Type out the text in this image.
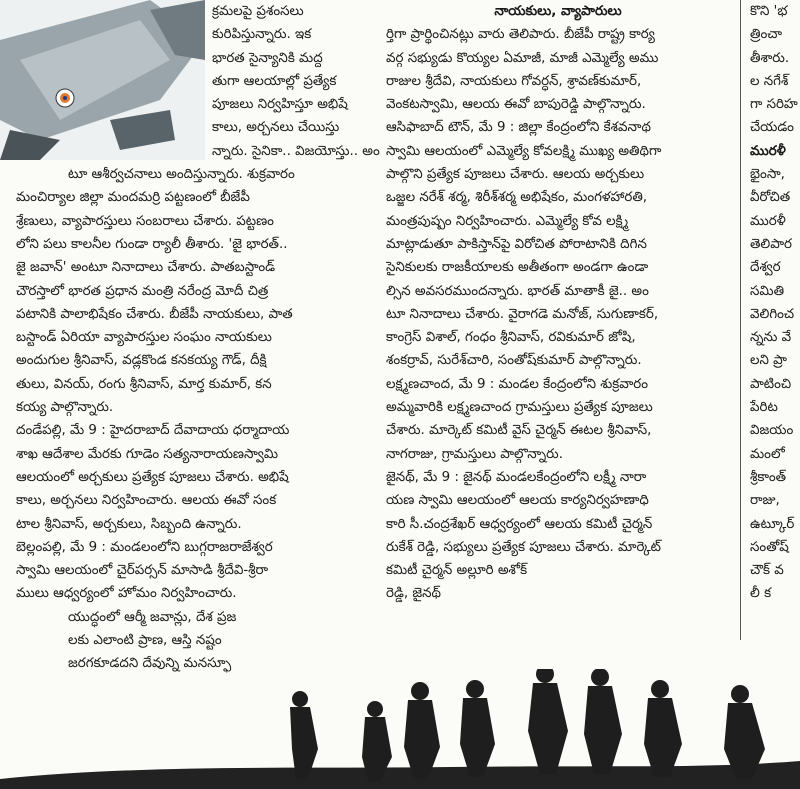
క్రమలపై ప్రశంసలు

కురిపిస్తున్నారు. ఇక

భారత సైన్యానికి మద్ద

తుగా ఆలయాల్లో ప్రత్యేక

పూజలు నిర్వహిస్తూ అభిషే

కాలు, అర్చనలు చేయిస్తు

న్నారు. సైనికా.. విజయోస్తు.. అం

టూ ఆశీర్వచనాలు అందిస్తున్నారు. శుక్రవారం

మంచిర్యాల జిల్లా మందమర్రి పట్టణంలో బీజేపీ

శ్రేణులు, వ్యాపారస్తులు సంబరాలు చేశారు. పట్టణం

లోని పలు కాలనీల గుండా ర్యాలీ తీశారు. 'జై భారత్..

జై జవాన్' అంటూ నినాదాలు చేశారు. పాతబస్టాండ్

చౌరస్తాలో భారత ప్రధాన మంత్రి నరేంద్ర మోదీ చిత్ర

పటానికి పాలాభిషేకం చేశారు. బీజేపీ నాయకులు, పాత

బస్టాండ్ ఏరియా వ్యాపారస్తుల సంఘం నాయకులు

అందుగుల శ్రీనివాస్, వడ్లకొండ కనకయ్య గౌడ్, దీక్షి

తులు, వినయ్, రంగు శ్రీనివాస్, మార్త కుమార్, కన

కయ్య పాల్గొన్నారు.

దండేపల్లి, మే 9 : హైదరాబాద్ దేవాదాయ ధర్మాదాయ

శాఖ ఆదేశాల మేరకు గూడెం సత్యనారాయణస్వామి

ఆలయంలో అర్చకులు ప్రత్యేక పూజలు చేశారు. అభిషే

కాలు, అర్చనలు నిర్వహించారు. ఆలయ ఈవో సంక

టాల శ్రీనివాస్, అర్చకులు, సిబ్బంది ఉన్నారు.

బెల్లంపల్లి, మే 9 : మండలంలోని బుగ్గరాజరాజేశ్వర

స్వామి ఆలయంలో చైర్‌పర్సన్ మాసాడి శ్రీదేవి-శ్రీరా

ములు ఆధ్వర్యంలో హోమం నిర్వహించారు.

యుద్ధంలో ఆర్మీ జవాన్లు, దేశ ప్రజ

లకు ఎలాంటి ప్రాణ, ఆస్తి నష్టం

జరగకూడదని దేవున్ని మనస్ఫూ

నాయకులు, వ్యాపారులు

ర్తిగా ప్రార్థించినట్లు వారు తెలిపారు. బీజేపీ రాష్ట్ర కార్య

వర్గ సభ్యుడు కొయ్యల ఏమాజీ, మాజీ ఎమ్మెల్యే అము

రాజుల శ్రీదేవి, నాయకులు గోవర్ధన్, శ్రావణ్‌కుమార్,

వెంకటస్వామి, ఆలయ ఈవో బాపురెడ్డి పాల్గొన్నారు.

ఆసిఫాబాద్ టౌన్, మే 9 : జిల్లా కేంద్రంలోని కేశవనాథ

స్వామి ఆలయంలో ఎమ్మెల్యే కోవలక్ష్మి ముఖ్య అతిథిగా

పాల్గొని ప్రత్యేక పూజలు చేశారు. ఆలయ అర్చకులు

ఒజ్జల నరేశ్ శర్మ, శిరీశ్‌శర్మ అభిషేకం, మంగళహారతి,

మంత్రపుష్పం నిర్వహించారు. ఎమ్మెల్యే కోవ లక్ష్మి

మాట్లాడుతూ పాకిస్తాన్‌పై విరోచిత పోరాటానికి దిగిన

సైనికులకు రాజకీయాలకు అతీతంగా అండగా ఉండా

ల్సిన అవసరముందన్నారు. భారత్ మాతాకీ జై.. అం

టూ నినాదాలు చేశారు. వైరాగడె మనోజ్, సుగుణాకర్,

కాంగ్రెస్ విశాల్, గంధం శ్రీనివాస్, రవికుమార్ జోషి,

శంకర్రావ్, సురేశ్‌చారి, సంతోష్‌కుమార్ పాల్గొన్నారు.

లక్ష్మణచాంద, మే 9 : మండల కేంద్రంలోని శుక్రవారం

అమ్మవారికి లక్ష్మణచాంద గ్రామస్తులు ప్రత్యేక పూజలు

చేశారు. మార్కెట్ కమిటీ వైస్ చైర్మన్ ఈటల శ్రీనివాస్,

నాగరాజు, గ్రామస్తులు పాల్గొన్నారు.

జైనథ్, మే 9 : జైనథ్ మండలకేంద్రంలోని లక్ష్మీ నారా

యణ స్వామి ఆలయంలో ఆలయ కార్యనిర్వహణాధి

కారి సీ.చంద్రశేఖర్ ఆధ్వర్యంలో ఆలయ కమిటీ చైర్మన్

రుకేశ్ రెడ్డి, సభ్యులు ప్రత్యేక పూజలు చేశారు. మార్కెట్

కమిటీ చైర్మన్ అల్లూరి అశోక్

రెడ్డి, జైనథ్

కొని 'భ

త్రించా

తీశారు.

ల నగేశ్

గా సరిహ

చేయడం

మురళీ

భైంసా,

వీరోచిత

మురళీ

తెలిపార

దేశ్వర

సమితి

వెలిగించ

న్నను వే

లని ప్రా

పాటించి

పేరిట

విజయం

మంలో

శ్రీకాంత్

రాజు,

ఉట్కూర్

సంతోష్

చౌక్ వ

లీ క
